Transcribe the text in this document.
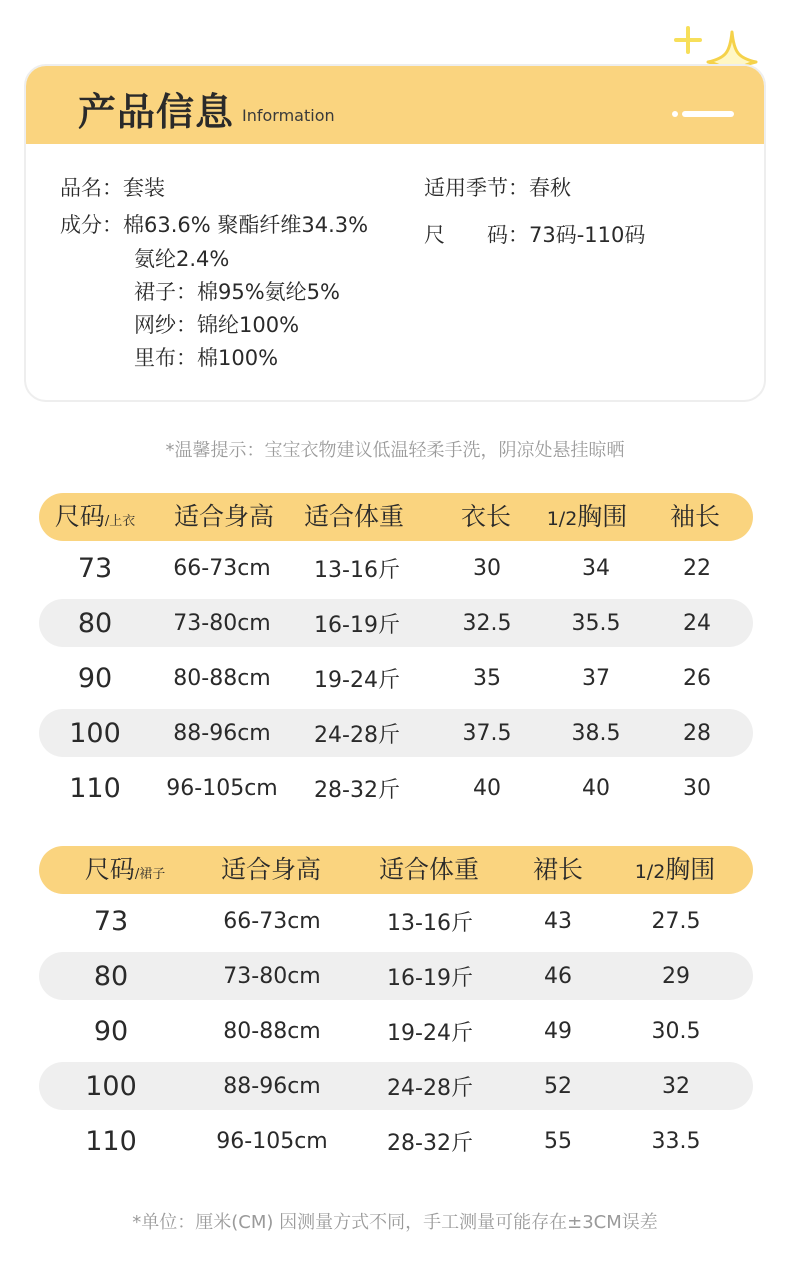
产品信息 Information
品名：套装
成分：棉63.6% 聚酯纤维34.3%
氨纶2.4%
裙子：棉95%氨纶5%
网纱：锦纶100%
里布：棉100%
适用季节：春秋
尺　　码：73码-110码
*温馨提示：宝宝衣物建议低温轻柔手洗，阴凉处悬挂晾晒
尺码/上衣 适合身高 适合体重 衣长 1/2胸围 袖长
73	66-73cm 13-16斤	30	34	22
80	73-80cm 16-19斤	32.5	35.5	24
90	80-88cm 19-24斤	35	37	26
100 88-96cm 24-28斤	37.5	38.5	28
110 96-105cm 28-32斤	40	40	30
尺码/裙子 适合身高 适合体重 裙长	1/2胸围
73	66-73cm	13-16斤	43	27.5
80	73-80cm	16-19斤	46	29
90	80-88cm	19-24斤	49	30.5
100	88-96cm	24-28斤	52	32
110	96-105cm	28-32斤	55	33.5
*单位：厘米(CM) 因测量方式不同，手工测量可能存在±3CM误差
